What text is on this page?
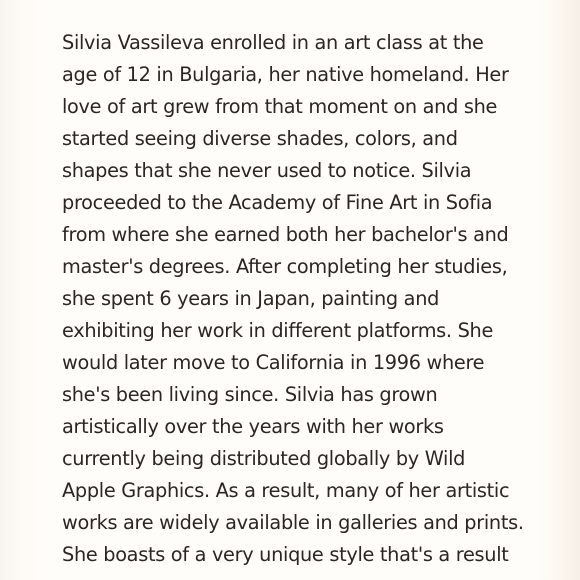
Silvia Vassileva enrolled in an art class at the
age of 12 in Bulgaria, her native homeland. Her
love of art grew from that moment on and she
started seeing diverse shades, colors, and
shapes that she never used to notice. Silvia
proceeded to the Academy of Fine Art in Sofia
from where she earned both her bachelor's and
master's degrees. After completing her studies,
she spent 6 years in Japan, painting and
exhibiting her work in different platforms. She
would later move to California in 1996 where
she's been living since. Silvia has grown
artistically over the years with her works
currently being distributed globally by Wild
Apple Graphics. As a result, many of her artistic
works are widely available in galleries and prints.
She boasts of a very unique style that's a result
